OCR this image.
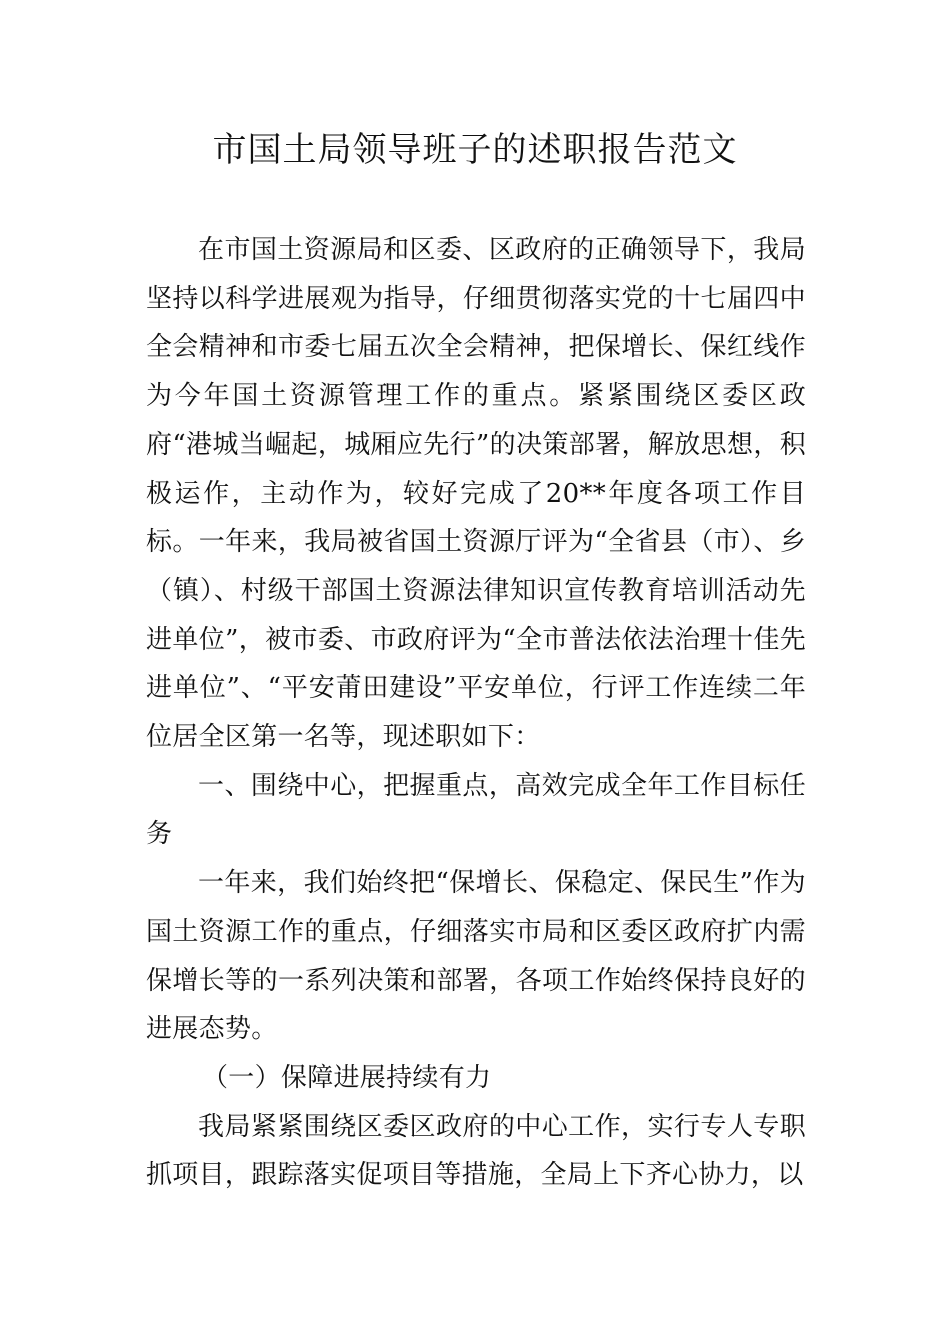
市国土局领导班子的述职报告范文

在市国土资源局和区委、区政府的正确领导下，我局坚持以科学进展观为指导，仔细贯彻落实党的十七届四中全会精神和市委七届五次全会精神，把保增长、保红线作为今年国土资源管理工作的重点。紧紧围绕区委区政府“港城当崛起，城厢应先行”的决策部署，解放思想，积极运作，主动作为，较好完成了20**年度各项工作目标。一年来，我局被省国土资源厅评为“全省县（市）、乡（镇）、村级干部国土资源法律知识宣传教育培训活动先进单位”，被市委、市政府评为“全市普法依法治理十佳先进单位”、“平安莆田建设”平安单位，行评工作连续二年位居全区第一名等，现述职如下：

一、围绕中心，把握重点，高效完成全年工作目标任务

一年来，我们始终把“保增长、保稳定、保民生”作为国土资源工作的重点，仔细落实市局和区委区政府扩内需保增长等的一系列决策和部署，各项工作始终保持良好的进展态势。

（一）保障进展持续有力

我局紧紧围绕区委区政府的中心工作，实行专人专职抓项目，跟踪落实促项目等措施，全局上下齐心协力，以
